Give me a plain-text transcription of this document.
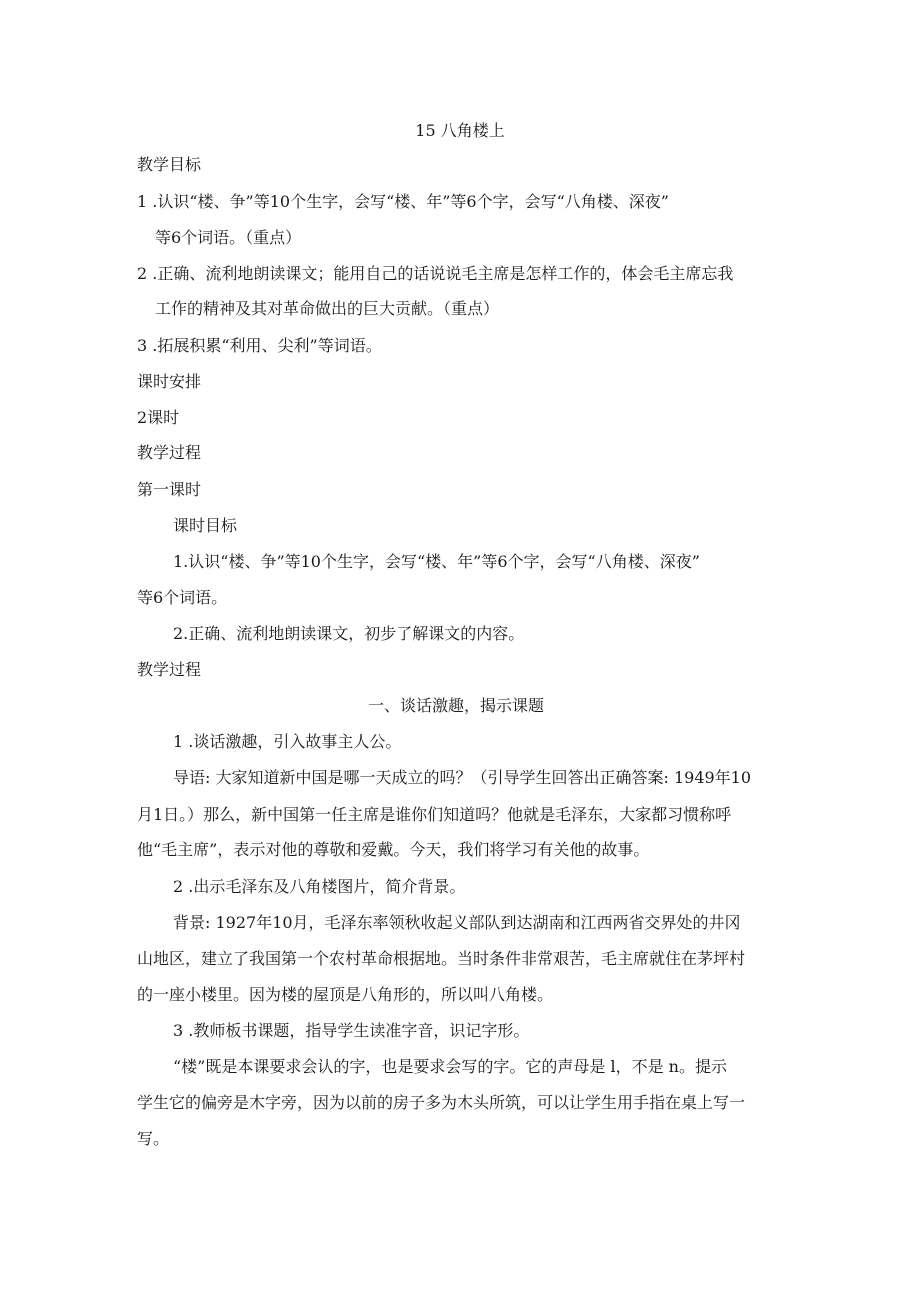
15 八角楼上
教学目标
1 .认识“楼、争”等10个生字，会写“楼、年”等6个字，会写“八角楼、深夜”
等6个词语。（重点）
2 .正确、流利地朗读课文；能用自己的话说说毛主席是怎样工作的，体会毛主席忘我
工作的精神及其对革命做出的巨大贡献。（重点）
3 .拓展积累“利用、尖利”等词语。
课时安排
2课时
教学过程
第一课时
课时目标
1.认识“楼、争”等10个生字，会写“楼、年”等6个字，会写“八角楼、深夜”
等6个词语。
2.正确、流利地朗读课文，初步了解课文的内容。
教学过程
一、谈话激趣，揭示课题
1 .谈话激趣，引入故事主人公。
导语: 大家知道新中国是哪一天成立的吗？（引导学生回答出正确答案: 1949年10
月1日。）那么，新中国第一任主席是谁你们知道吗？他就是毛泽东，大家都习惯称呼
他“毛主席”，表示对他的尊敬和爱戴。今天，我们将学习有关他的故事。
2 .出示毛泽东及八角楼图片，简介背景。
背景: 1927年10月，毛泽东率领秋收起义部队到达湖南和江西两省交界处的井冈
山地区，建立了我国第一个农村革命根据地。当时条件非常艰苦，毛主席就住在茅坪村
的一座小楼里。因为楼的屋顶是八角形的，所以叫八角楼。
3 .教师板书课题，指导学生读准字音，识记字形。
“楼”既是本课要求会认的字，也是要求会写的字。它的声母是 l，不是 n。提示
学生它的偏旁是木字旁，因为以前的房子多为木头所筑，可以让学生用手指在桌上写一
写。
